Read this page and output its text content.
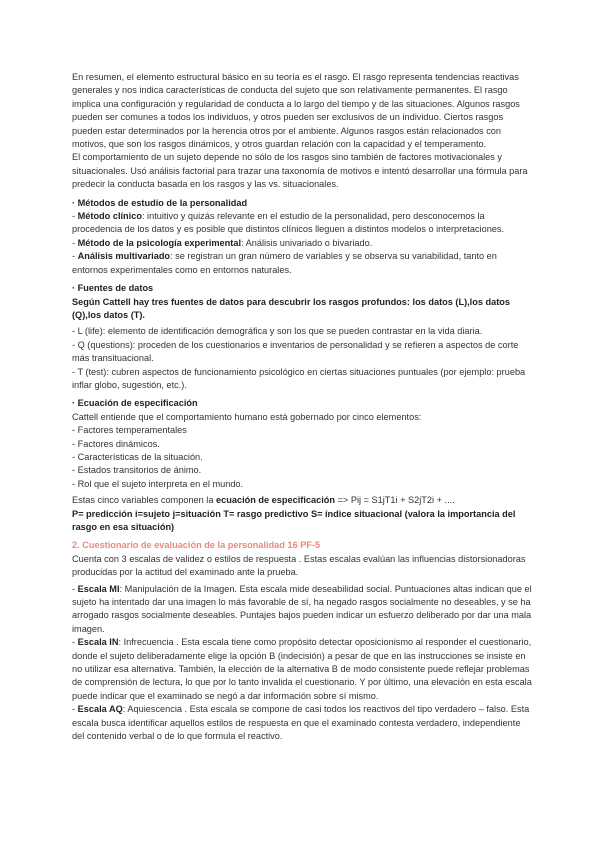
En resumen, el elemento estructural básico en su teoría es el rasgo. El rasgo representa tendencias reactivas generales y nos indica características de conducta del sujeto que son relativamente permanentes. El rasgo implica una configuración y regularidad de conducta a lo largo del tiempo y de las situaciones. Algunos rasgos pueden ser comunes a todos los individuos, y otros pueden ser exclusivos de un individuo. Ciertos rasgos pueden estar determinados por la herencia otros por el ambiente. Algunos rasgos están relacionados con motivos, que son los rasgos dinámicos, y otros guardan relación con la capacidad y el temperamento.

El comportamiento de un sujeto depende no sólo de los rasgos sino también de factores motivacionales y situacionales. Usó análisis factorial para trazar una taxonomía de motivos e intentó desarrollar una fórmula para predecir la conducta basada en los rasgos y las vs. situacionales.

· Métodos de estudio de la personalidad

- Método clínico: intuitivo y quizás relevante en el estudio de la personalidad, pero desconocemos la procedencia de los datos y es posible que distintos clínicos lleguen a distintos modelos o interpretaciones.

- Método de la psicología experimental: Análisis univariado o bivariado.

- Análisis multivariado: se registran un gran número de variables y se observa su variabilidad, tanto en entornos experimentales como en entornos naturales.

· Fuentes de datos

Según Cattell hay tres fuentes de datos para descubrir los rasgos profundos: los datos (L),los datos (Q),los datos (T).

- L (life): elemento de identificación demográfica y son los que se pueden contrastar en la vida diaria.

- Q (questions): proceden de los cuestionarios e inventarios de personalidad y se refieren a aspectos de corte más transituacional.

- T (test): cubren aspectos de funcionamiento psicológico en ciertas situaciones puntuales (por ejemplo: prueba inflar globo, sugestión, etc.).

· Ecuación de especificación

Cattell entiende que el comportamiento humano está gobernado por cinco elementos:

- Factores temperamentales

- Factores dinámicos.

- Características de la situación.

- Estados transitorios de ánimo.

- Rol que el sujeto interpreta en el mundo.

Estas cinco variables componen la ecuación de especificación => Pij = S1jT1i + S2jT2i + ....

P= predicción i=sujeto j=situación T= rasgo predictivo S= índice situacional (valora la importancia del rasgo en esa situación)

2. Cuestionario de evaluación de la personalidad 16 PF-5

Cuenta con 3 escalas de validez o estilos de respuesta . Estas escalas evalúan las influencias distorsionadoras producidas por la actitud del examinado ante la prueba.

- Escala MI: Manipulación de la Imagen. Esta escala mide deseabilidad social. Puntuaciones altas indican que el sujeto ha intentado dar una imagen lo más favorable de sí, ha negado rasgos socialmente no deseables, y se ha arrogado rasgos socialmente deseables. Puntajes bajos pueden indicar un esfuerzo deliberado por dar una mala imagen.

- Escala IN: Infrecuencia . Esta escala tiene como propósito detectar oposicionismo al responder el cuestionario, donde el sujeto deliberadamente elige la opción B (indecisión) a pesar de que en las instrucciones se insiste en no utilizar esa alternativa. También, la elección de la alternativa B de modo consistente puede reflejar problemas de comprensión de lectura, lo que por lo tanto invalida el cuestionario. Y por último, una elevación en esta escala puede indicar que el examinado se negó a dar información sobre sí mismo.

- Escala AQ: Aquiescencia . Esta escala se compone de casi todos los reactivos del tipo verdadero – falso. Esta escala busca identificar aquellos estilos de respuesta en que el examinado contesta verdadero, independiente del contenido verbal o de lo que formula el reactivo.
